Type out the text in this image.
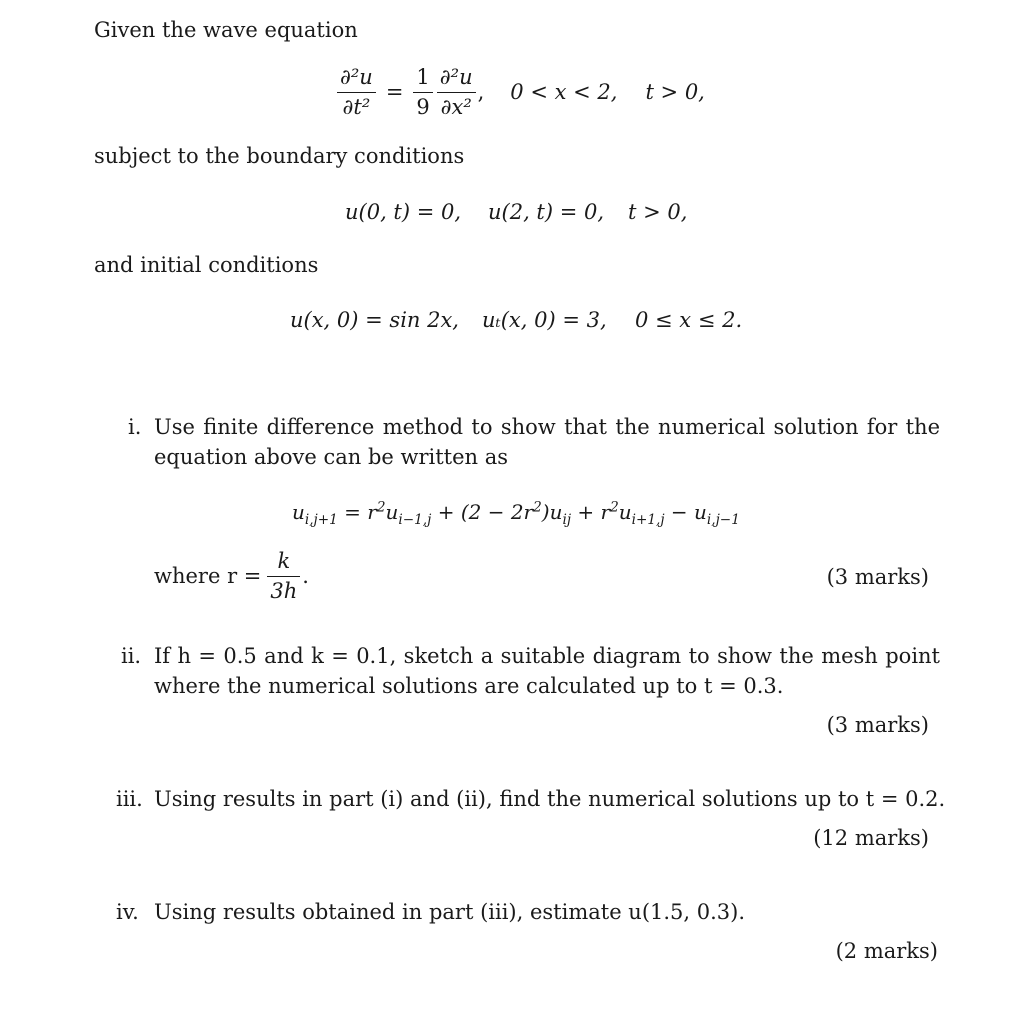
Given the wave equation
$\frac{\text{∂²u}}{\text{∂t²}} = \frac{1}{9} \frac{\text{∂²u}}{\text{∂x²}}$ , 0 < x < 2, t > 0,
subject to the boundary conditions
u(0, t) = 0, u(2, t) = 0, t > 0,
and initial conditions
u(x, 0) = sin 2x, uₜ(x, 0) = 3, 0 ≤ x ≤ 2.
i. Use finite difference method to show that the numerical solution for the
equation above can be written as
$u_{i,j+1} = r^2u_{i-1,j} + (2 - 2r^2)u_{ij} + r^2u_{i+1,j} - u_{i,j-1}$
where $r = \frac{k}{3h}$ .	(3 marks)
ii. If h = 0.5 and k = 0.1, sketch a suitable diagram to show the mesh point
where the numerical solutions are calculated up to t = 0.3.
(3 marks)
iii. Using results in part (i) and (ii), find the numerical solutions up to t = 0.2.
(12 marks)
iv. Using results obtained in part (iii), estimate u(1.5, 0.3).
(2 marks)
